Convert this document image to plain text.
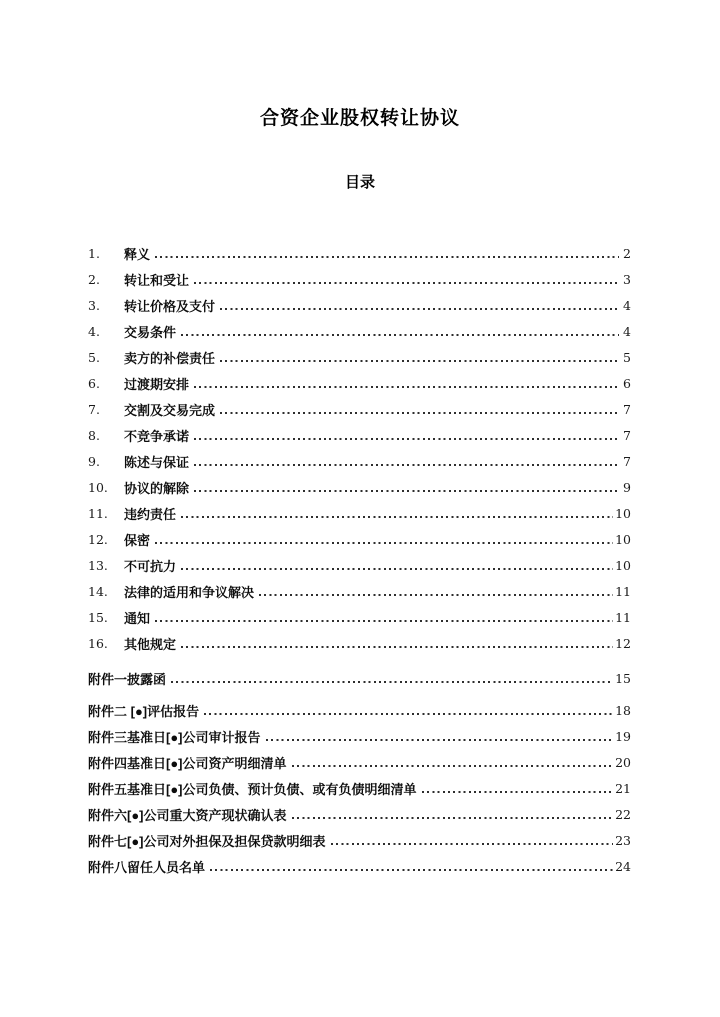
合资企业股权转让协议
目录
1.	释义	2
2.	转让和受让	3
3.	转让价格及支付	4
4.	交易条件	4
5.	卖方的补偿责任	5
6.	过渡期安排	6
7.	交割及交易完成	7
8.	不竞争承诺	7
9.	陈述与保证	7
10.	协议的解除	9
11.	违约责任	10
12.	保密	10
13.	不可抗力	10
14.	法律的适用和争议解决	11
15.	通知	11
16.	其他规定	12
附件一披露函	15
附件二 [●]评估报告	18
附件三基准日[●]公司审计报告	19
附件四基准日[●]公司资产明细清单	20
附件五基准日[●]公司负债、预计负债、或有负债明细清单	21
附件六[●]公司重大资产现状确认表	22
附件七[●]公司对外担保及担保贷款明细表	23
附件八留任人员名单	24
